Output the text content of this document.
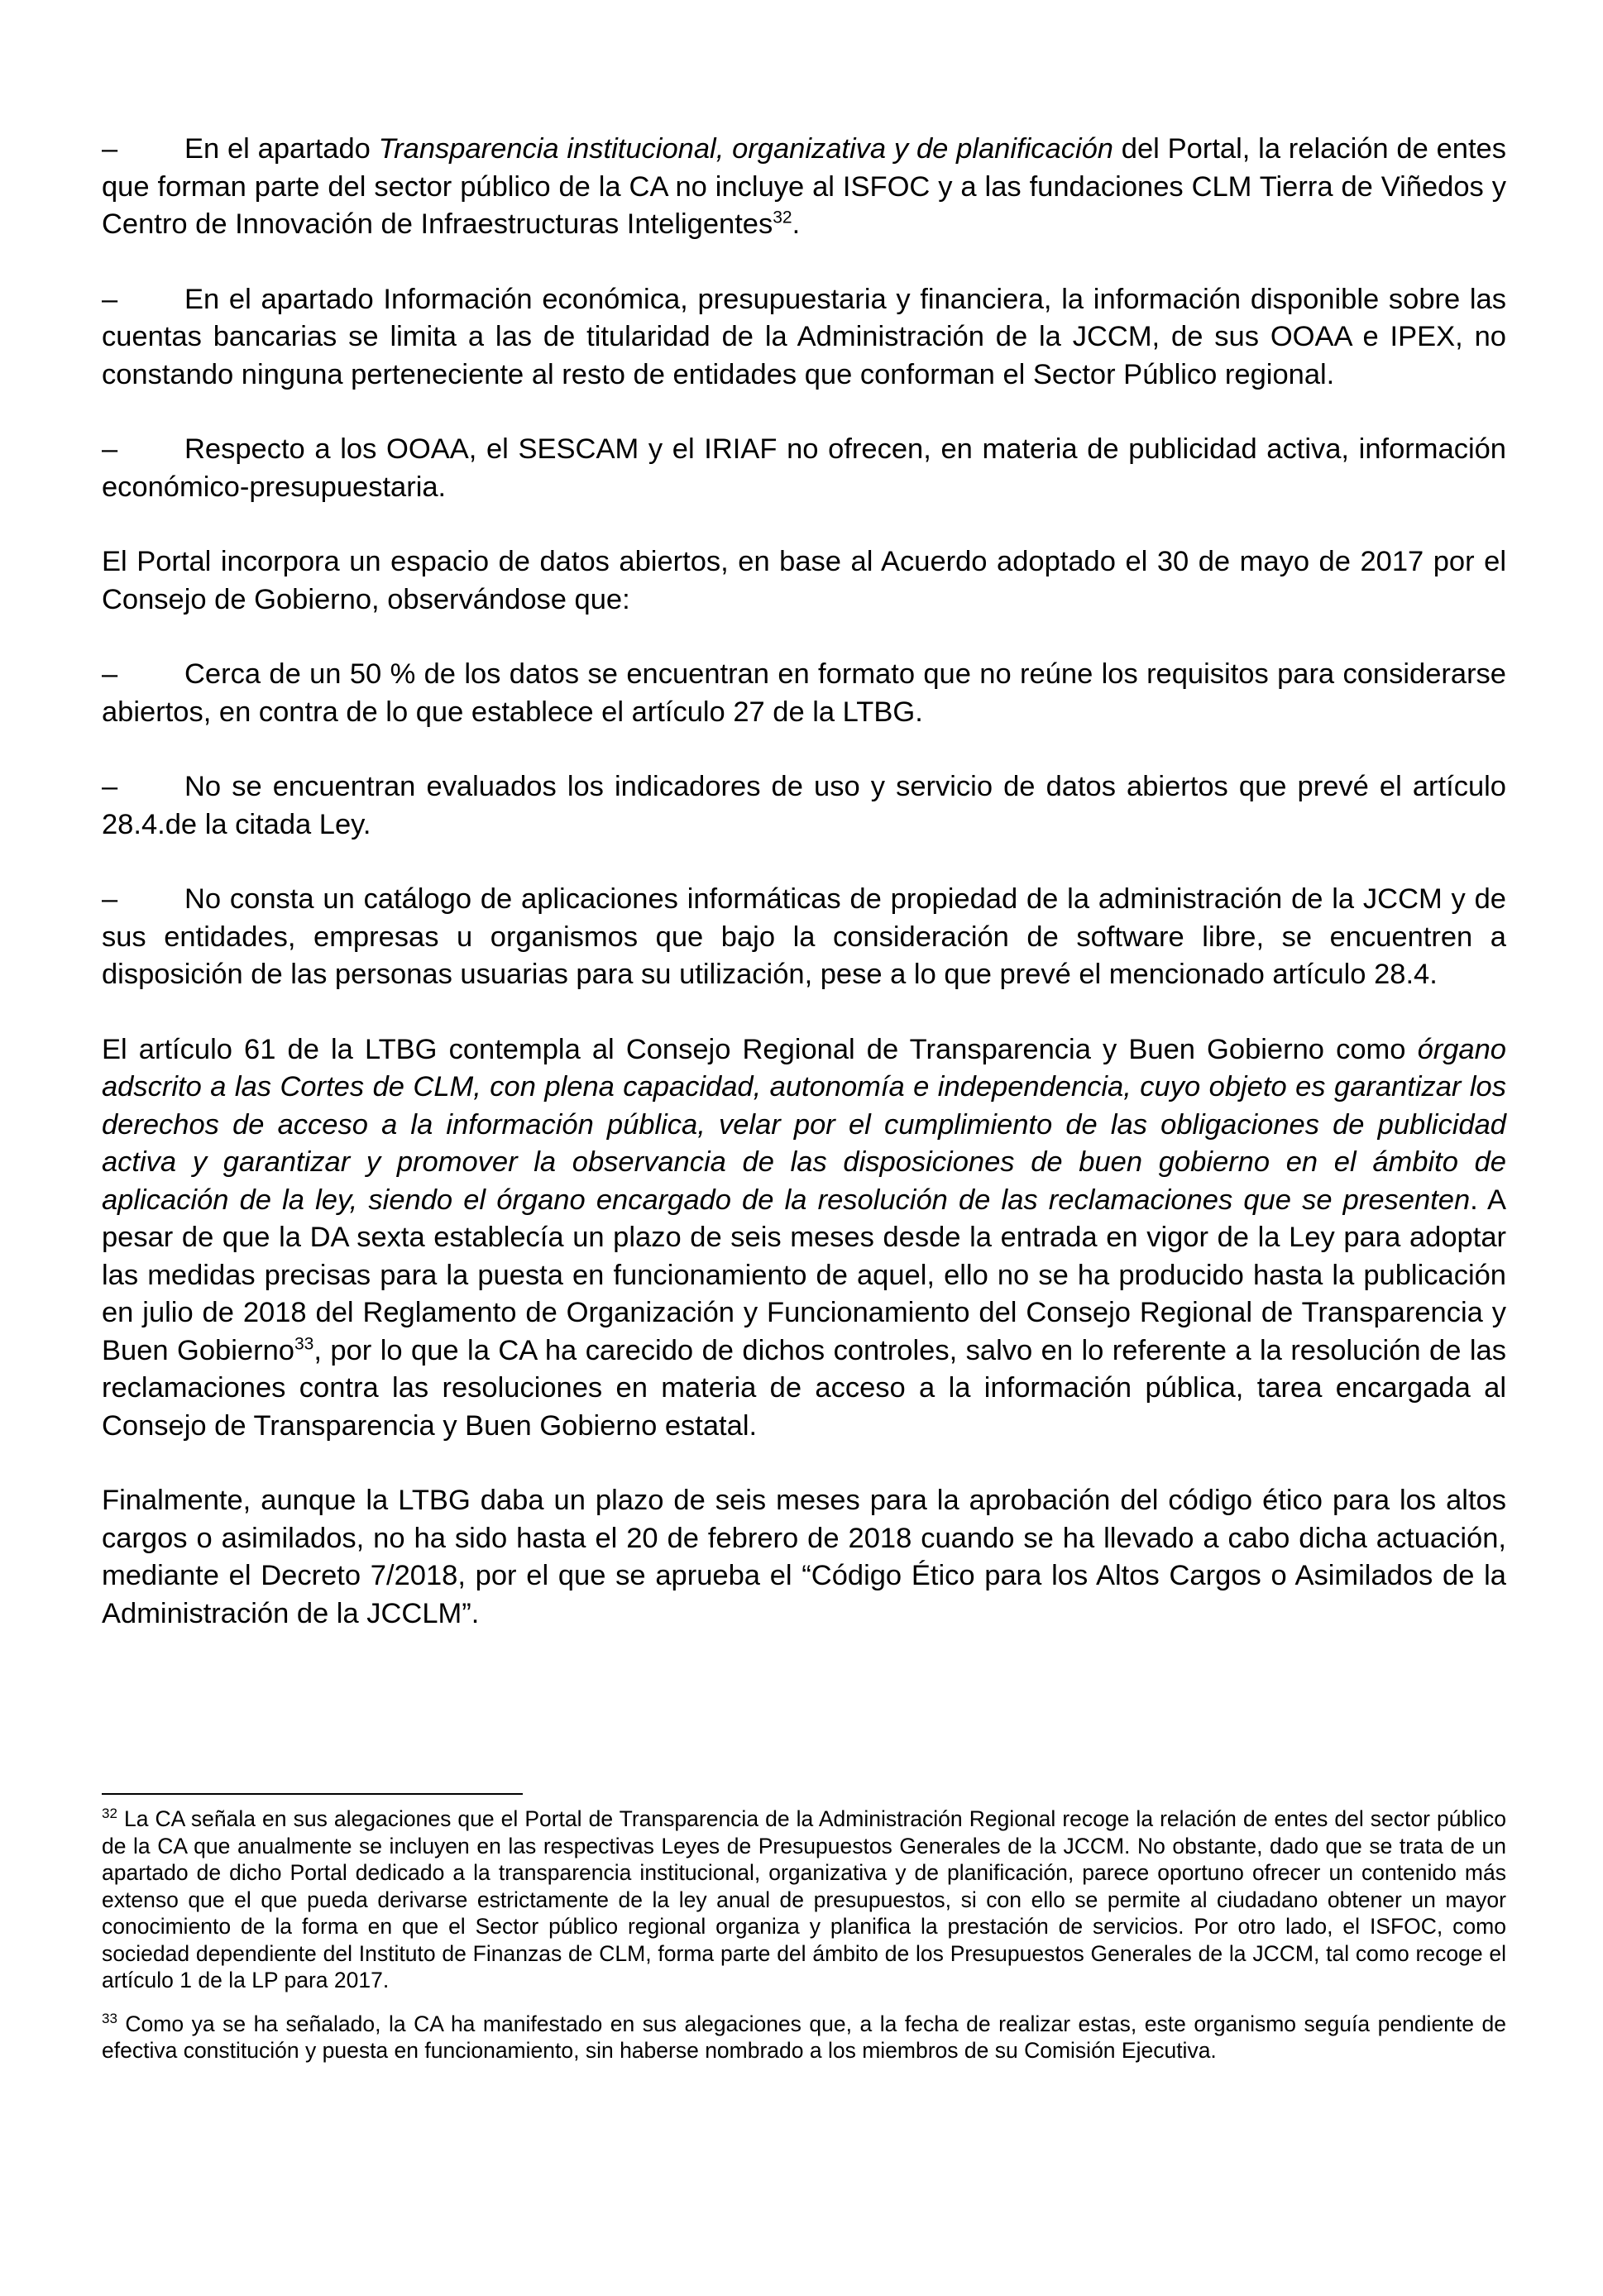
– En el apartado Transparencia institucional, organizativa y de planificación del Portal, la relación de entes que forman parte del sector público de la CA no incluye al ISFOC y a las fundaciones CLM Tierra de Viñedos y Centro de Innovación de Infraestructuras Inteligentes$^{32}$.

– En el apartado Información económica, presupuestaria y financiera, la información disponible sobre las cuentas bancarias se limita a las de titularidad de la Administración de la JCCM, de sus OOAA e IPEX, no constando ninguna perteneciente al resto de entidades que conforman el Sector Público regional.

– Respecto a los OOAA, el SESCAM y el IRIAF no ofrecen, en materia de publicidad activa, información económico-presupuestaria.

El Portal incorpora un espacio de datos abiertos, en base al Acuerdo adoptado el 30 de mayo de 2017 por el Consejo de Gobierno, observándose que:

– Cerca de un 50 % de los datos se encuentran en formato que no reúne los requisitos para considerarse abiertos, en contra de lo que establece el artículo 27 de la LTBG.

– No se encuentran evaluados los indicadores de uso y servicio de datos abiertos que prevé el artículo 28.4.de la citada Ley.

– No consta un catálogo de aplicaciones informáticas de propiedad de la administración de la JCCM y de sus entidades, empresas u organismos que bajo la consideración de software libre, se encuentren a disposición de las personas usuarias para su utilización, pese a lo que prevé el mencionado artículo 28.4.

El artículo 61 de la LTBG contempla al Consejo Regional de Transparencia y Buen Gobierno como órgano adscrito a las Cortes de CLM, con plena capacidad, autonomía e independencia, cuyo objeto es garantizar los derechos de acceso a la información pública, velar por el cumplimiento de las obligaciones de publicidad activa y garantizar y promover la observancia de las disposiciones de buen gobierno en el ámbito de aplicación de la ley, siendo el órgano encargado de la resolución de las reclamaciones que se presenten. A pesar de que la DA sexta establecía un plazo de seis meses desde la entrada en vigor de la Ley para adoptar las medidas precisas para la puesta en funcionamiento de aquel, ello no se ha producido hasta la publicación en julio de 2018 del Reglamento de Organización y Funcionamiento del Consejo Regional de Transparencia y Buen Gobierno$^{33}$, por lo que la CA ha carecido de dichos controles, salvo en lo referente a la resolución de las reclamaciones contra las resoluciones en materia de acceso a la información pública, tarea encargada al Consejo de Transparencia y Buen Gobierno estatal.

Finalmente, aunque la LTBG daba un plazo de seis meses para la aprobación del código ético para los altos cargos o asimilados, no ha sido hasta el 20 de febrero de 2018 cuando se ha llevado a cabo dicha actuación, mediante el Decreto 7/2018, por el que se aprueba el “Código Ético para los Altos Cargos o Asimilados de la Administración de la JCCLM”.

$^{32}$ La CA señala en sus alegaciones que el Portal de Transparencia de la Administración Regional recoge la relación de entes del sector público de la CA que anualmente se incluyen en las respectivas Leyes de Presupuestos Generales de la JCCM. No obstante, dado que se trata de un apartado de dicho Portal dedicado a la transparencia institucional, organizativa y de planificación, parece oportuno ofrecer un contenido más extenso que el que pueda derivarse estrictamente de la ley anual de presupuestos, si con ello se permite al ciudadano obtener un mayor conocimiento de la forma en que el Sector público regional organiza y planifica la prestación de servicios. Por otro lado, el ISFOC, como sociedad dependiente del Instituto de Finanzas de CLM, forma parte del ámbito de los Presupuestos Generales de la JCCM, tal como recoge el artículo 1 de la LP para 2017.

$^{33}$ Como ya se ha señalado, la CA ha manifestado en sus alegaciones que, a la fecha de realizar estas, este organismo seguía pendiente de efectiva constitución y puesta en funcionamiento, sin haberse nombrado a los miembros de su Comisión Ejecutiva.
